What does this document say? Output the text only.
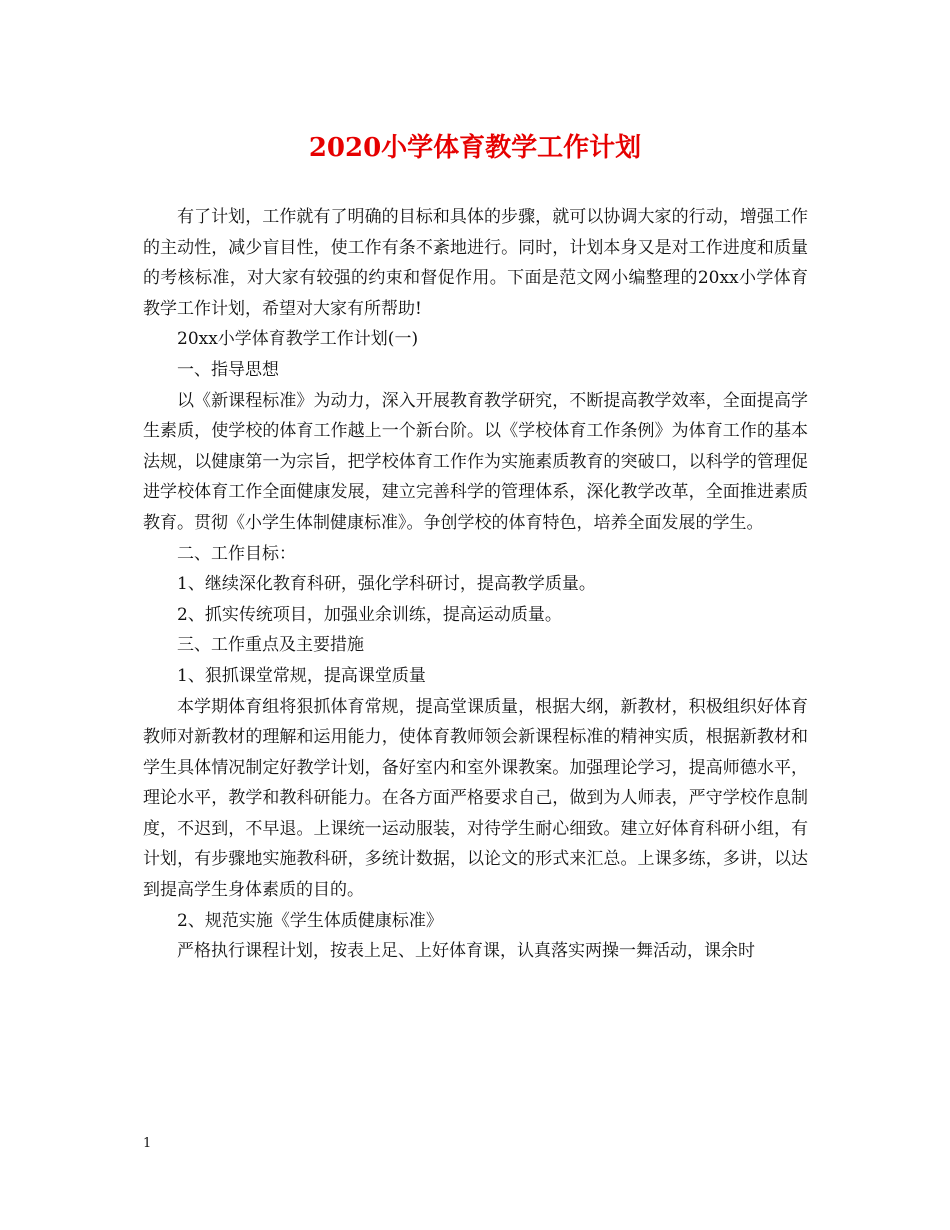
2020小学体育教学工作计划

有了计划，工作就有了明确的目标和具体的步骤，就可以协调大家的行动，增强工作的主动性，减少盲目性，使工作有条不紊地进行。同时，计划本身又是对工作进度和质量的考核标准，对大家有较强的约束和督促作用。下面是范文网小编整理的20xx小学体育教学工作计划，希望对大家有所帮助!

20xx小学体育教学工作计划(一)

一、指导思想

以《新课程标准》为动力，深入开展教育教学研究，不断提高教学效率，全面提高学生素质，使学校的体育工作越上一个新台阶。以《学校体育工作条例》为体育工作的基本法规，以健康第一为宗旨，把学校体育工作作为实施素质教育的突破口，以科学的管理促进学校体育工作全面健康发展，建立完善科学的管理体系，深化教学改革，全面推进素质教育。贯彻《小学生体制健康标准》。争创学校的体育特色，培养全面发展的学生。

二、工作目标：

1、继续深化教育科研，强化学科研讨，提高教学质量。

2、抓实传统项目，加强业余训练，提高运动质量。

三、工作重点及主要措施

1、狠抓课堂常规，提高课堂质量

本学期体育组将狠抓体育常规，提高堂课质量，根据大纲，新教材，积极组织好体育教师对新教材的理解和运用能力，使体育教师领会新课程标准的精神实质，根据新教材和学生具体情况制定好教学计划，备好室内和室外课教案。加强理论学习，提高师德水平，理论水平，教学和教科研能力。在各方面严格要求自己，做到为人师表，严守学校作息制度，不迟到，不早退。上课统一运动服装，对待学生耐心细致。建立好体育科研小组，有计划，有步骤地实施教科研，多统计数据，以论文的形式来汇总。上课多练，多讲，以达到提高学生身体素质的目的。

2、规范实施《学生体质健康标准》

严格执行课程计划，按表上足、上好体育课，认真落实两操一舞活动，课余时

1
